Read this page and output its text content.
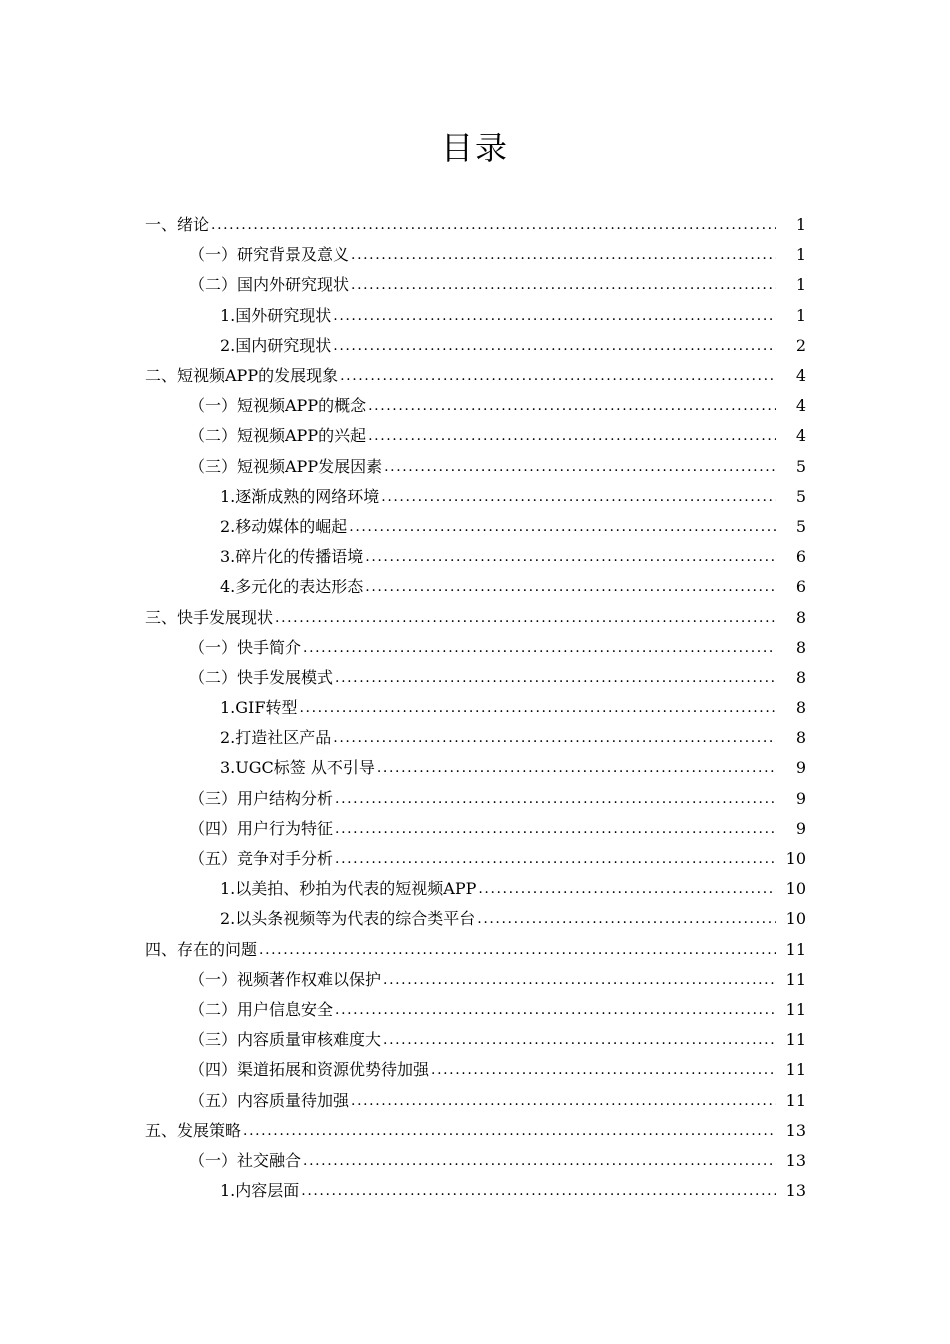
目录
一、绪论 .....	1
（一）研究背景及意义 .....	1
（二）国内外研究现状 .....	1
1.国外研究现状 .....	1
2.国内研究现状 .....	2
二、短视频APP的发展现象 .....	4
（一）短视频APP的概念 .....	4
（二）短视频APP的兴起 .....	4
（三）短视频APP发展因素 .....	5
1.逐渐成熟的网络环境 .....	5
2.移动媒体的崛起 .....	5
3.碎片化的传播语境 .....	6
4.多元化的表达形态 .....	6
三、快手发展现状 .....	8
（一）快手简介 .....	8
（二）快手发展模式 .....	8
1.GIF转型 .....	8
2.打造社区产品 .....	8
3.UGC标签 从不引导 .....	9
（三）用户结构分析 .....	9
（四）用户行为特征 .....	9
（五）竞争对手分析 .....	10
1.以美拍、秒拍为代表的短视频APP .....	10
2.以头条视频等为代表的综合类平台 .....	10
四、存在的问题 .....	11
（一）视频著作权难以保护 .....	11
（二）用户信息安全 .....	11
（三）内容质量审核难度大 .....	11
（四）渠道拓展和资源优势待加强 .....	11
（五）内容质量待加强 .....	11
五、发展策略 .....	13
（一）社交融合 .....	13
1.内容层面 .....	13
